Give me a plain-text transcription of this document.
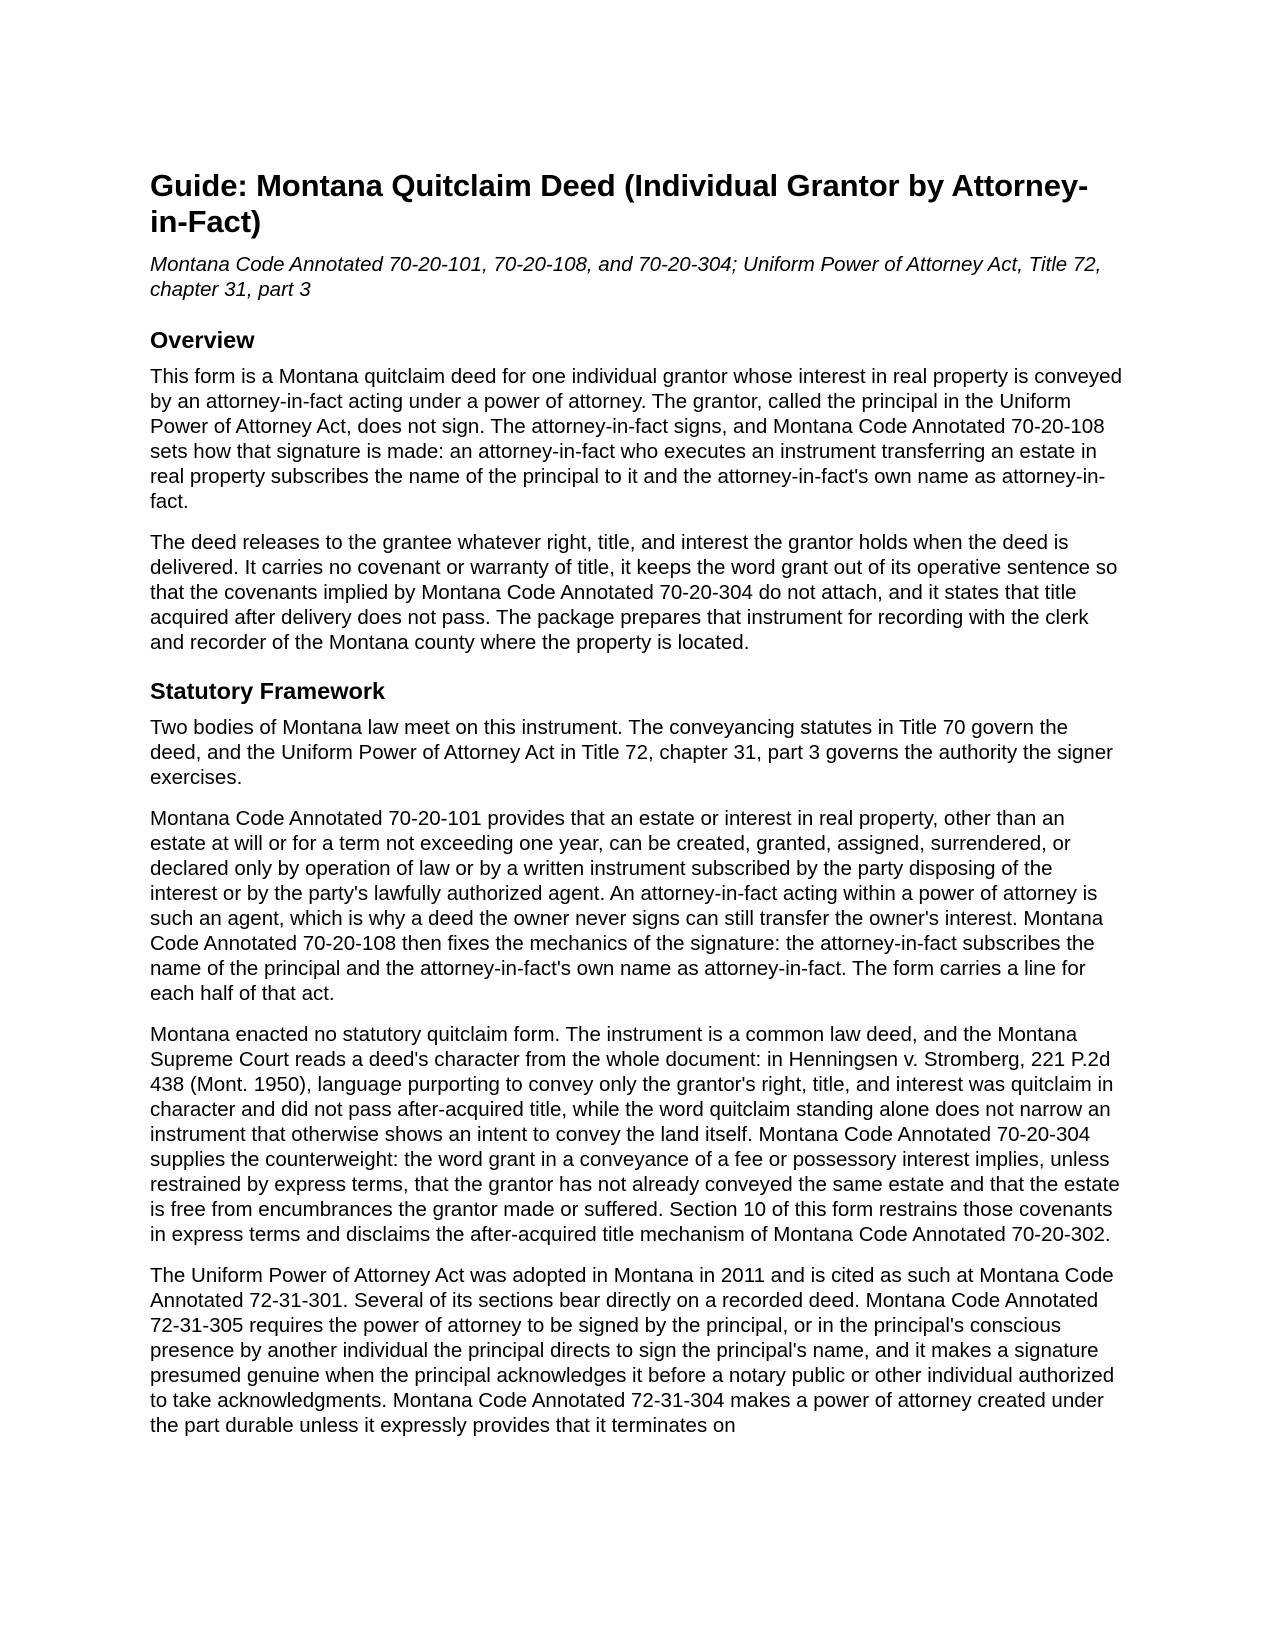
Guide: Montana Quitclaim Deed (Individual Grantor by Attorney-in-Fact)
Montana Code Annotated 70-20-101, 70-20-108, and 70-20-304; Uniform Power of Attorney Act, Title 72, chapter 31, part 3
Overview

This form is a Montana quitclaim deed for one individual grantor whose interest in real property is conveyed by an attorney-in-fact acting under a power of attorney. The grantor, called the principal in the Uniform Power of Attorney Act, does not sign. The attorney-in-fact signs, and Montana Code Annotated 70-20-108 sets how that signature is made: an attorney-in-fact who executes an instrument transferring an estate in real property subscribes the name of the principal to it and the attorney-in-fact's own name as attorney-in-fact.

The deed releases to the grantee whatever right, title, and interest the grantor holds when the deed is delivered. It carries no covenant or warranty of title, it keeps the word grant out of its operative sentence so that the covenants implied by Montana Code Annotated 70-20-304 do not attach, and it states that title acquired after delivery does not pass. The package prepares that instrument for recording with the clerk and recorder of the Montana county where the property is located.

Statutory Framework

Two bodies of Montana law meet on this instrument. The conveyancing statutes in Title 70 govern the deed, and the Uniform Power of Attorney Act in Title 72, chapter 31, part 3 governs the authority the signer exercises.

Montana Code Annotated 70-20-101 provides that an estate or interest in real property, other than an estate at will or for a term not exceeding one year, can be created, granted, assigned, surrendered, or declared only by operation of law or by a written instrument subscribed by the party disposing of the interest or by the party's lawfully authorized agent. An attorney-in-fact acting within a power of attorney is such an agent, which is why a deed the owner never signs can still transfer the owner's interest. Montana Code Annotated 70-20-108 then fixes the mechanics of the signature: the attorney-in-fact subscribes the name of the principal and the attorney-in-fact's own name as attorney-in-fact. The form carries a line for each half of that act.

Montana enacted no statutory quitclaim form. The instrument is a common law deed, and the Montana Supreme Court reads a deed's character from the whole document: in Henningsen v. Stromberg, 221 P.2d 438 (Mont. 1950), language purporting to convey only the grantor's right, title, and interest was quitclaim in character and did not pass after-acquired title, while the word quitclaim standing alone does not narrow an instrument that otherwise shows an intent to convey the land itself. Montana Code Annotated 70-20-304 supplies the counterweight: the word grant in a conveyance of a fee or possessory interest implies, unless restrained by express terms, that the grantor has not already conveyed the same estate and that the estate is free from encumbrances the grantor made or suffered. Section 10 of this form restrains those covenants in express terms and disclaims the after-acquired title mechanism of Montana Code Annotated 70-20-302.

The Uniform Power of Attorney Act was adopted in Montana in 2011 and is cited as such at Montana Code Annotated 72-31-301. Several of its sections bear directly on a recorded deed. Montana Code Annotated 72-31-305 requires the power of attorney to be signed by the principal, or in the principal's conscious presence by another individual the principal directs to sign the principal's name, and it makes a signature presumed genuine when the principal acknowledges it before a notary public or other individual authorized to take acknowledgments. Montana Code Annotated 72-31-304 makes a power of attorney created under the part durable unless it expressly provides that it terminates on
